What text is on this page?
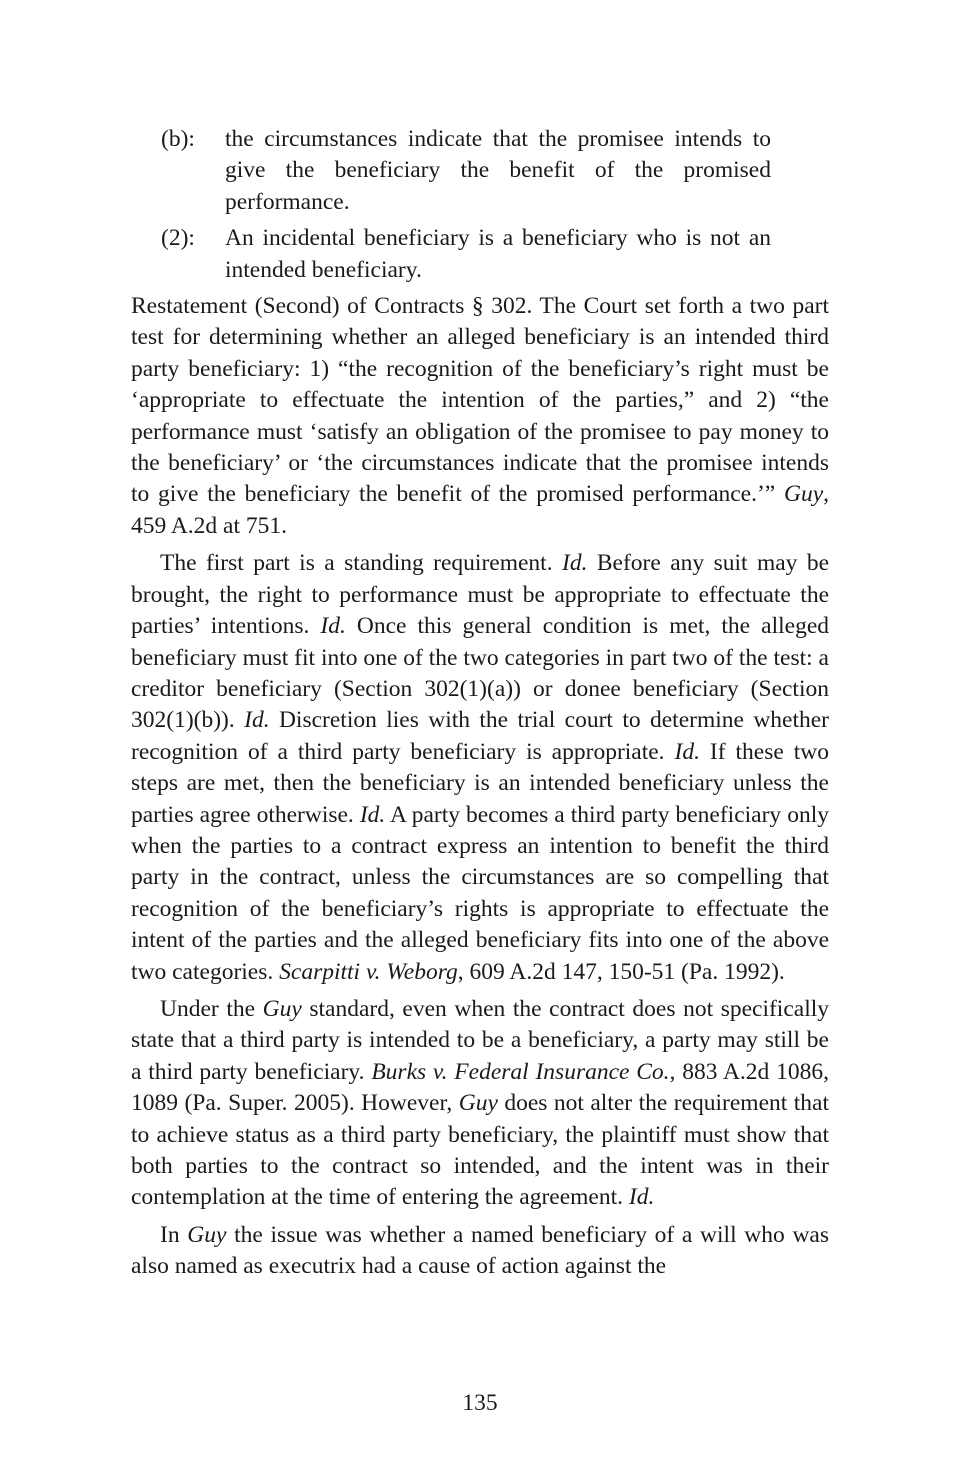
(b):	the circumstances indicate that the promisee intends to give the beneficiary the benefit of the promised performance.
(2):	An incidental beneficiary is a beneficiary who is not an intended beneficiary.

Restatement (Second) of Contracts § 302. The Court set forth a two part test for determining whether an alleged beneficiary is an intended third party beneficiary: 1) “the recognition of the beneficiary’s right must be ‘appropriate to effectuate the intention of the parties,” and 2) “the performance must ‘satisfy an obligation of the promisee to pay money to the beneficiary’ or ‘the circumstances indicate that the promisee intends to give the beneficiary the benefit of the promised performance.’” Guy, 459 A.2d at 751.

The first part is a standing requirement. Id. Before any suit may be brought, the right to performance must be appropriate to effectuate the parties’ intentions. Id. Once this general condition is met, the alleged beneficiary must fit into one of the two categories in part two of the test: a creditor beneficiary (Section 302(1)(a)) or donee beneficiary (Section 302(1)(b)). Id. Discretion lies with the trial court to determine whether recognition of a third party beneficiary is appropriate. Id. If these two steps are met, then the beneficiary is an intended beneficiary unless the parties agree otherwise. Id. A party becomes a third party beneficiary only when the parties to a contract express an intention to benefit the third party in the contract, unless the circumstances are so compelling that recognition of the beneficiary’s rights is appropriate to effectuate the intent of the parties and the alleged beneficiary fits into one of the above two categories. Scarpitti v. Weborg, 609 A.2d 147, 150-51 (Pa. 1992).

Under the Guy standard, even when the contract does not specifically state that a third party is intended to be a beneficiary, a party may still be a third party beneficiary. Burks v. Federal Insurance Co., 883 A.2d 1086, 1089 (Pa. Super. 2005). However, Guy does not alter the requirement that to achieve status as a third party beneficiary, the plaintiff must show that both parties to the contract so intended, and the intent was in their contemplation at the time of entering the agreement. Id.

In Guy the issue was whether a named beneficiary of a will who was also named as executrix had a cause of action against the

135
